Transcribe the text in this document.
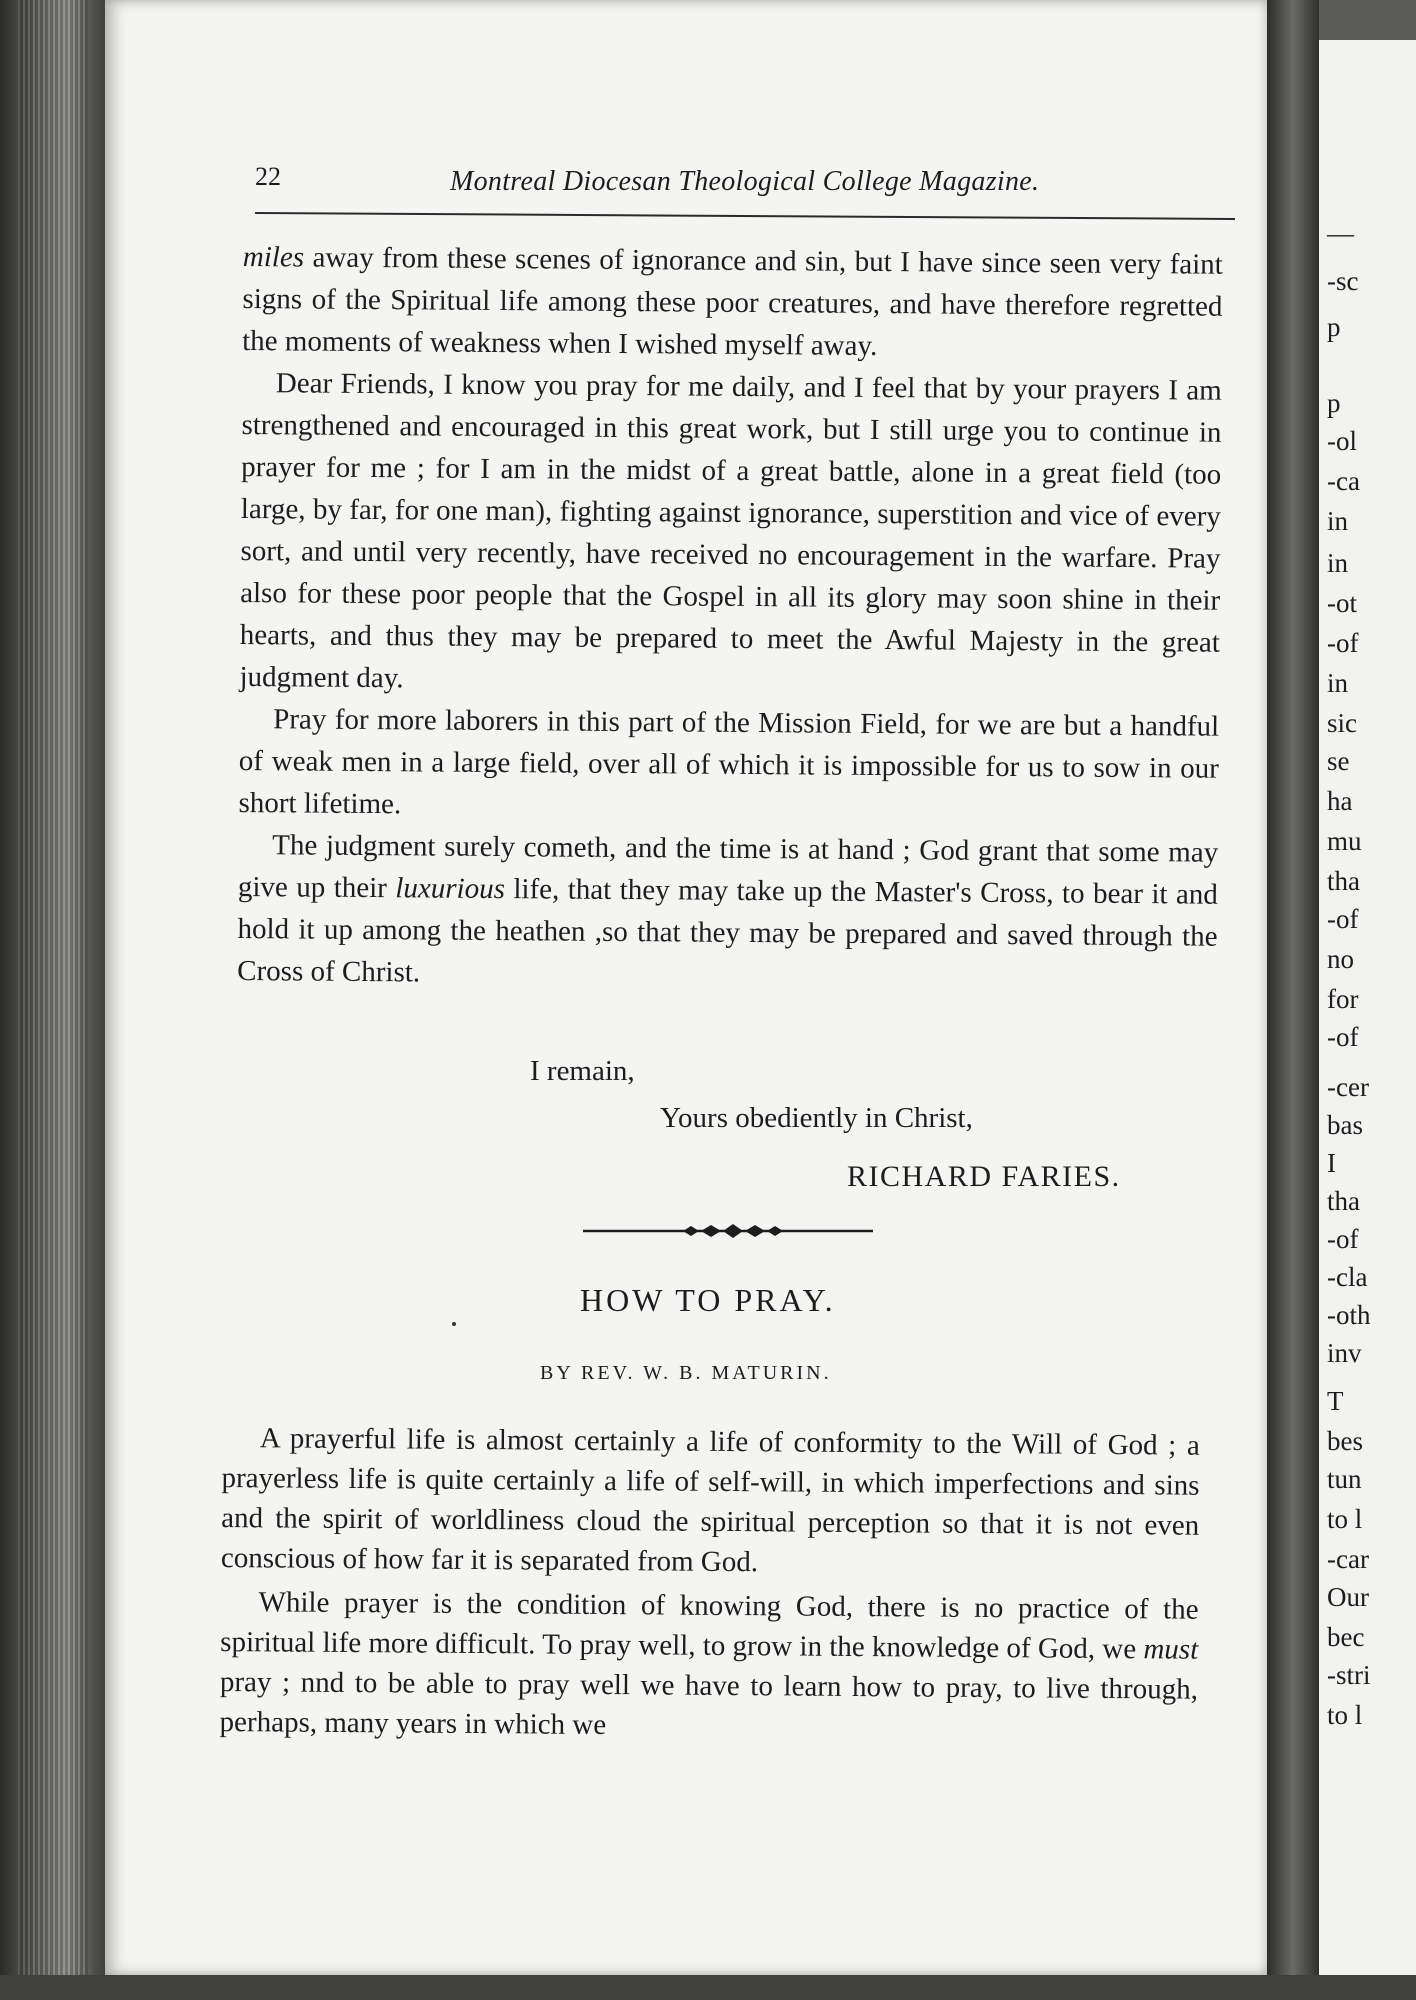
22	Montreal Diocesan Theological College Magazine.

miles away from these scenes of ignorance and sin, but I have since seen very faint signs of the Spiritual life among these poor creatures, and have therefore regretted the moments of weakness when I wished myself away.

Dear Friends, I know you pray for me daily, and I feel that by your prayers I am strengthened and encouraged in this great work, but I still urge you to continue in prayer for me ; for I am in the midst of a great battle, alone in a great field (too large, by far, for one man), fighting against ignorance, superstition and vice of every sort, and until very recently, have received no encouragement in the warfare. Pray also for these poor people that the Gospel in all its glory may soon shine in their hearts, and thus they may be prepared to meet the Awful Majesty in the great judgment day.

Pray for more laborers in this part of the Mission Field, for we are but a handful of weak men in a large field, over all of which it is impossible for us to sow in our short lifetime.

The judgment surely cometh, and the time is at hand ; God grant that some may give up their luxurious life, that they may take up the Master's Cross, to bear it and hold it up among the heathen ,so that they may be prepared and saved through the Cross of Christ.

I remain,
Yours obediently in Christ,
RICHARD FARIES.
HOW TO PRAY.
BY REV. W. B. MATURIN.

A prayerful life is almost certainly a life of conformity to the Will of God ; a prayerless life is quite certainly a life of self-will, in which imperfections and sins and the spirit of worldliness cloud the spiritual perception so that it is not even conscious of how far it is separated from God.

While prayer is the condition of knowing God, there is no practice of the spiritual life more difficult. To pray well, to grow in the knowledge of God, we must pray ; nnd to be able to pray well we have to learn how to pray, to live through, perhaps, many years in which we

—
-sc
p
p
-ol
-ca
in
in
-ot
-of
in
sic
se
ha
mu
tha
-of
no
for
-of
-cer
bas
I
tha
-of
-cla
-oth
inv
T
bes
tun
to l
-car
Our
bec
-stri
to l
